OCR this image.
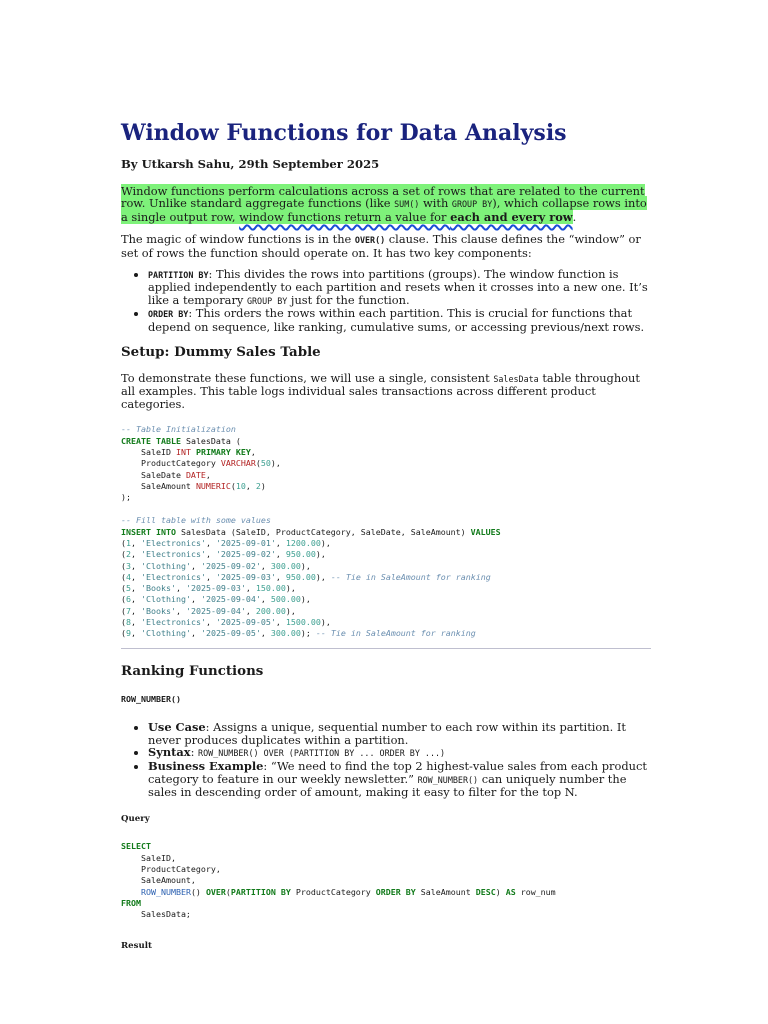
Window Functions for Data Analysis
By Utkarsh Sahu, 29th September 2025

Window functions perform calculations across a set of rows that are related to the current row. Unlike standard aggregate functions (like SUM() with GROUP BY), which collapse rows into a single output row, window functions return a value for each and every row.

The magic of window functions is in the OVER() clause. This clause defines the “window” or set of rows the function should operate on. It has two key components:

• PARTITION BY: This divides the rows into partitions (groups). The window function is applied independently to each partition and resets when it crosses into a new one. It’s like a temporary GROUP BY just for the function.
• ORDER BY: This orders the rows within each partition. This is crucial for functions that depend on sequence, like ranking, cumulative sums, or accessing previous/next rows.
Setup: Dummy Sales Table

To demonstrate these functions, we will use a single, consistent SalesData table throughout all examples. This table logs individual sales transactions across different product categories.

-- Table Initialization
CREATE TABLE SalesData (
SaleID INT PRIMARY KEY,
ProductCategory VARCHAR(50),
SaleDate DATE,
SaleAmount NUMERIC(10, 2)
);
-- Fill table with some values
INSERT INTO SalesData (SaleID, ProductCategory, SaleDate, SaleAmount) VALUES
(1, 'Electronics', '2025-09-01', 1200.00),
(2, 'Electronics', '2025-09-02', 950.00),
(3, 'Clothing', '2025-09-02', 300.00),
(4, 'Electronics', '2025-09-03', 950.00), -- Tie in SaleAmount for ranking
(5, 'Books', '2025-09-03', 150.00),
(6, 'Clothing', '2025-09-04', 500.00),
(7, 'Books', '2025-09-04', 200.00),
(8, 'Electronics', '2025-09-05', 1500.00),
(9, 'Clothing', '2025-09-05', 300.00); -- Tie in SaleAmount for ranking
Ranking Functions
ROW_NUMBER()
• Use Case: Assigns a unique, sequential number to each row within its partition. It never produces duplicates within a partition.
• Syntax: ROW_NUMBER() OVER (PARTITION BY ... ORDER BY ...)
• Business Example: “We need to find the top 2 highest-value sales from each product category to feature in our weekly newsletter.” ROW_NUMBER() can uniquely number the sales in descending order of amount, making it easy to filter for the top N.
Query
SELECT
SaleID,
ProductCategory,
SaleAmount,
ROW_NUMBER() OVER(PARTITION BY ProductCategory ORDER BY SaleAmount DESC) AS row_num
FROM
SalesData;
Result
